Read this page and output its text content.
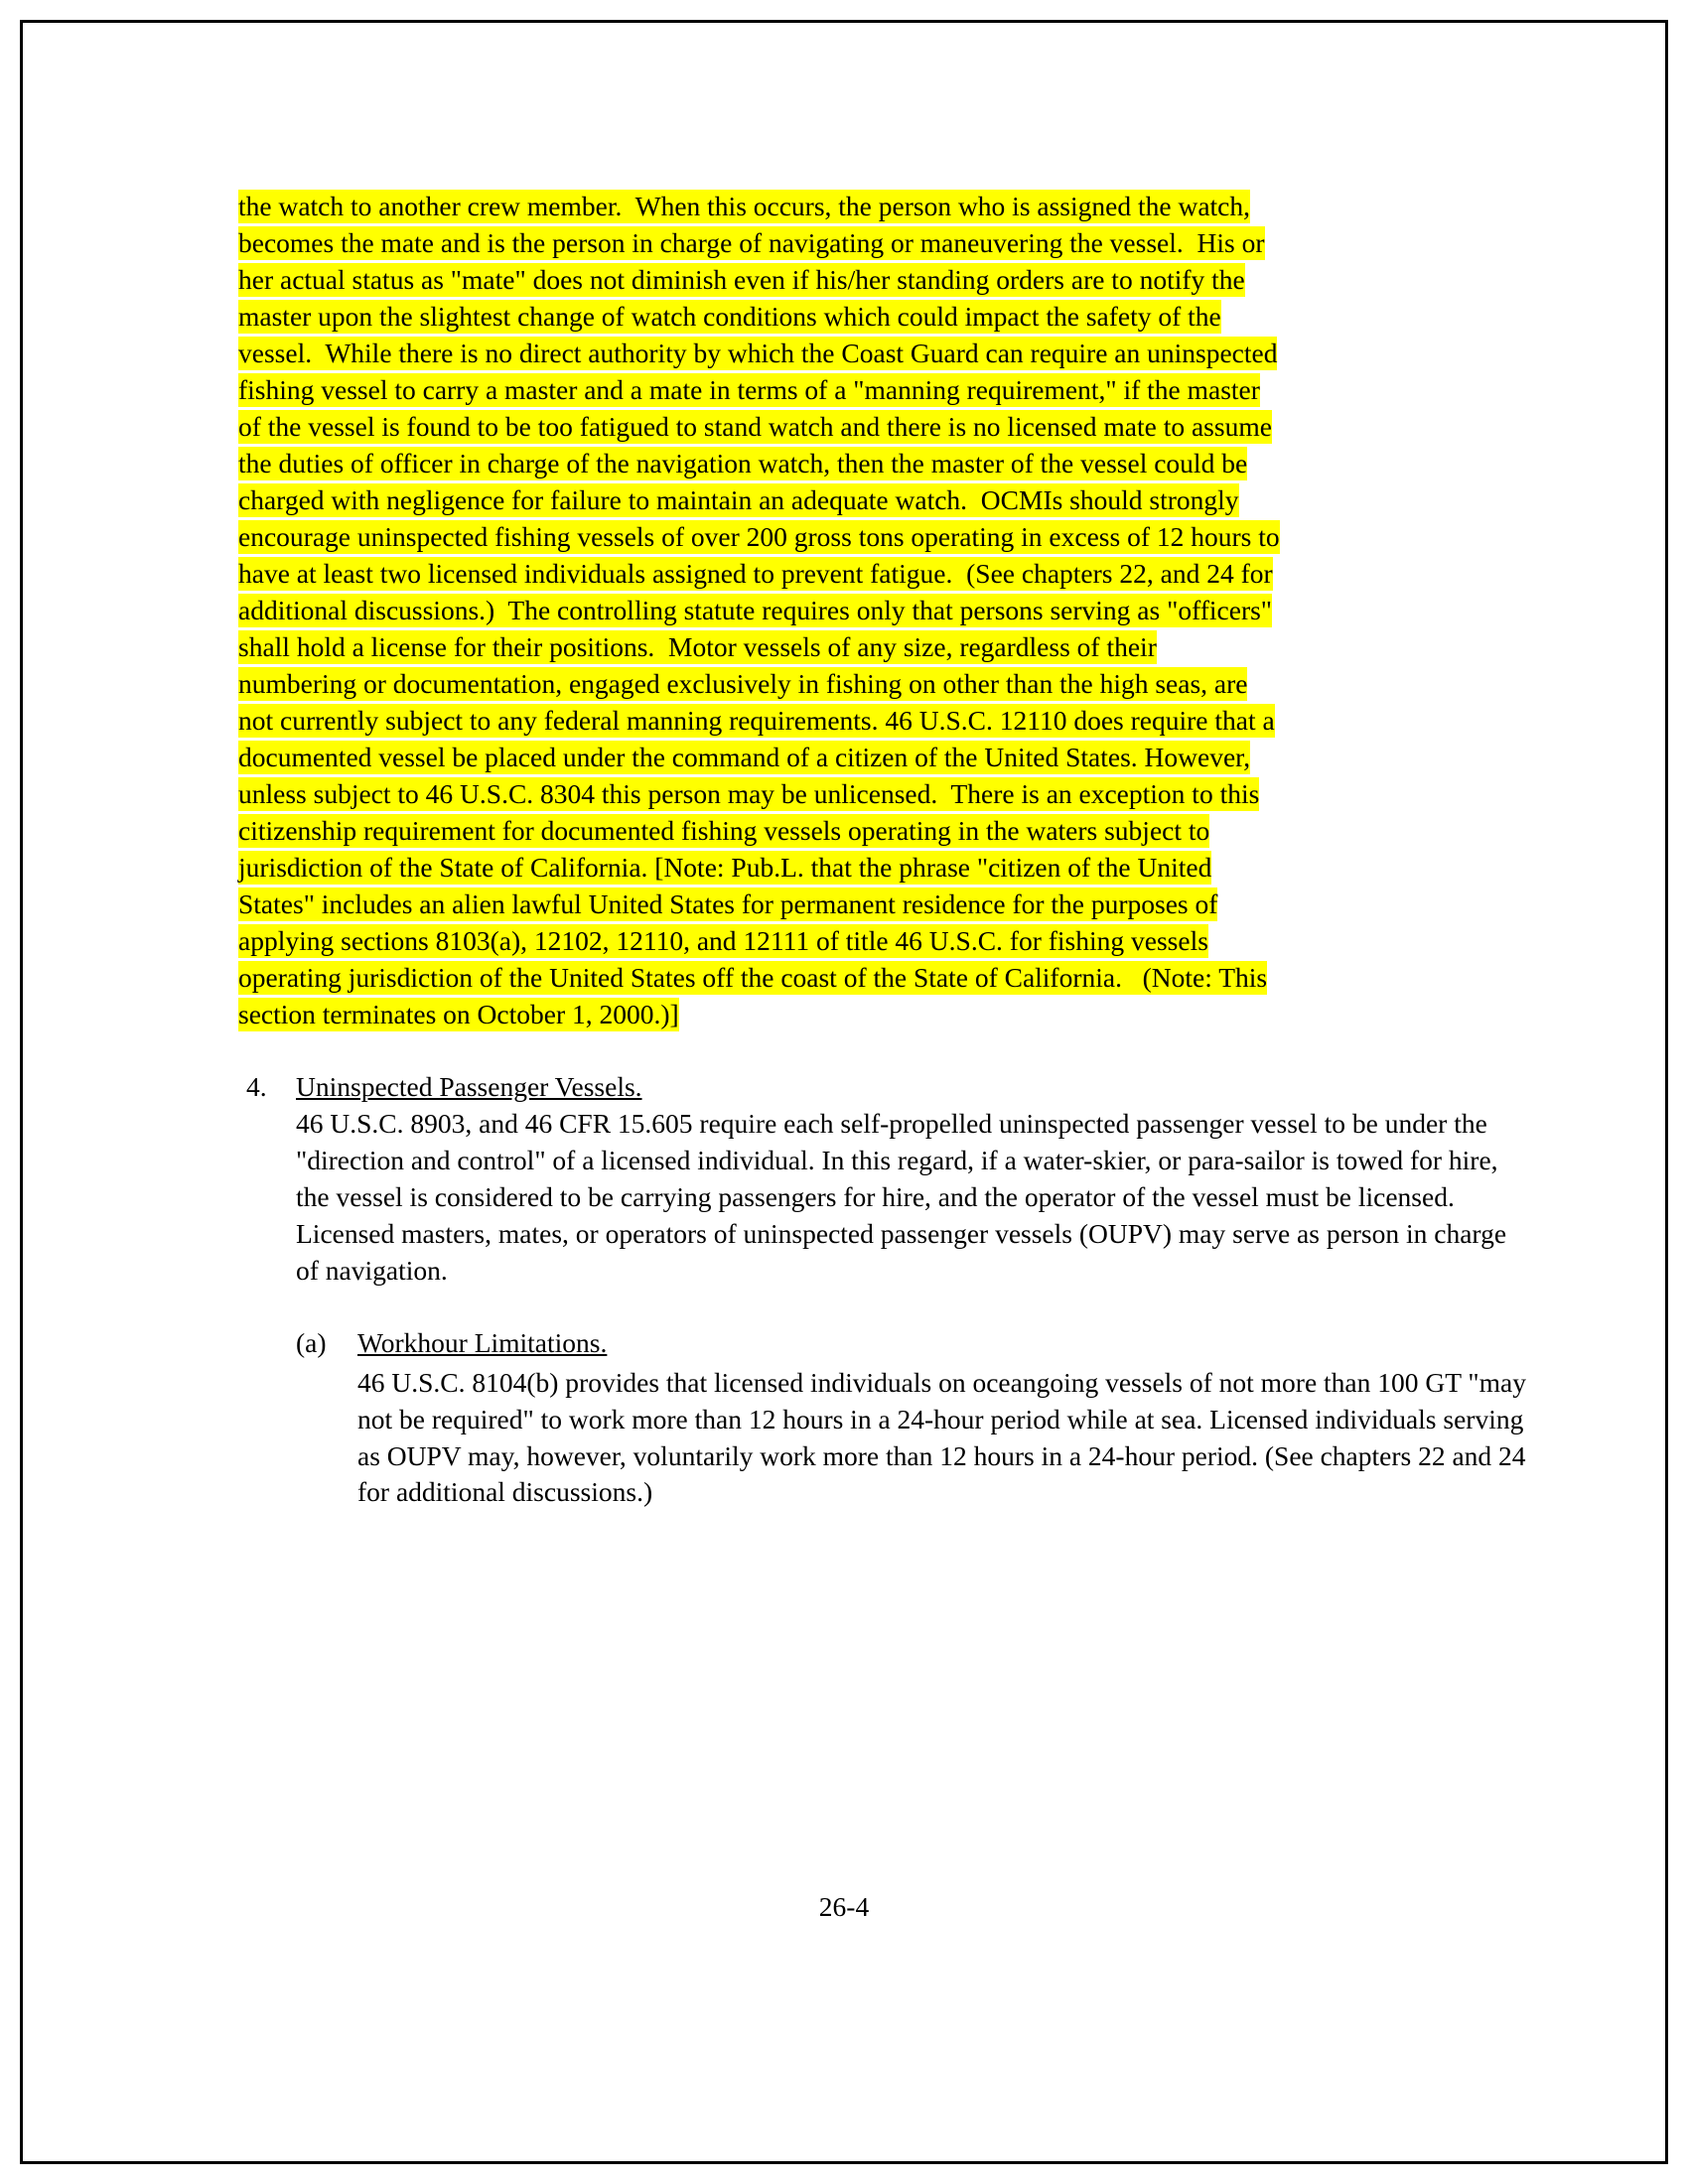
the watch to another crew member.  When this occurs, the person who is assigned the watch,
becomes the mate and is the person in charge of navigating or maneuvering the vessel.  His or
her actual status as "mate" does not diminish even if his/her standing orders are to notify the
master upon the slightest change of watch conditions which could impact the safety of the
vessel.  While there is no direct authority by which the Coast Guard can require an uninspected
fishing vessel to carry a master and a mate in terms of a "manning requirement," if the master
of the vessel is found to be too fatigued to stand watch and there is no licensed mate to assume
the duties of officer in charge of the navigation watch, then the master of the vessel could be
charged with negligence for failure to maintain an adequate watch.  OCMIs should strongly
encourage uninspected fishing vessels of over 200 gross tons operating in excess of 12 hours to
have at least two licensed individuals assigned to prevent fatigue.  (See chapters 22, and 24 for
additional discussions.)  The controlling statute requires only that persons serving as "officers"
shall hold a license for their positions.  Motor vessels of any size, regardless of their
numbering or documentation, engaged exclusively in fishing on other than the high seas, are
not currently subject to any federal manning requirements. 46 U.S.C. 12110 does require that a
documented vessel be placed under the command of a citizen of the United States. However,
unless subject to 46 U.S.C. 8304 this person may be unlicensed.  There is an exception to this
citizenship requirement for documented fishing vessels operating in the waters subject to
jurisdiction of the State of California. [Note: Pub.L. that the phrase "citizen of the United
States" includes an alien lawful United States for permanent residence for the purposes of
applying sections 8103(a), 12102, 12110, and 12111 of title 46 U.S.C. for fishing vessels
operating jurisdiction of the United States off the coast of the State of California.   (Note: This
section terminates on October 1, 2000.)]
4.	Uninspected Passenger Vessels.
46 U.S.C. 8903, and 46 CFR 15.605 require each self-propelled uninspected passenger vessel to be under the "direction and control" of a licensed individual. In this regard, if a water-skier, or para-sailor is towed for hire, the vessel is considered to be carrying passengers for hire, and the operator of the vessel must be licensed. Licensed masters, mates, or operators of uninspected passenger vessels (OUPV) may serve as person in charge of navigation.
(a)	Workhour Limitations.
46 U.S.C. 8104(b) provides that licensed individuals on oceangoing vessels of not more than 100 GT "may not be required" to work more than 12 hours in a 24-hour period while at sea. Licensed individuals serving as OUPV may, however, voluntarily work more than 12 hours in a 24-hour period. (See chapters 22 and 24 for additional discussions.)
26-4
